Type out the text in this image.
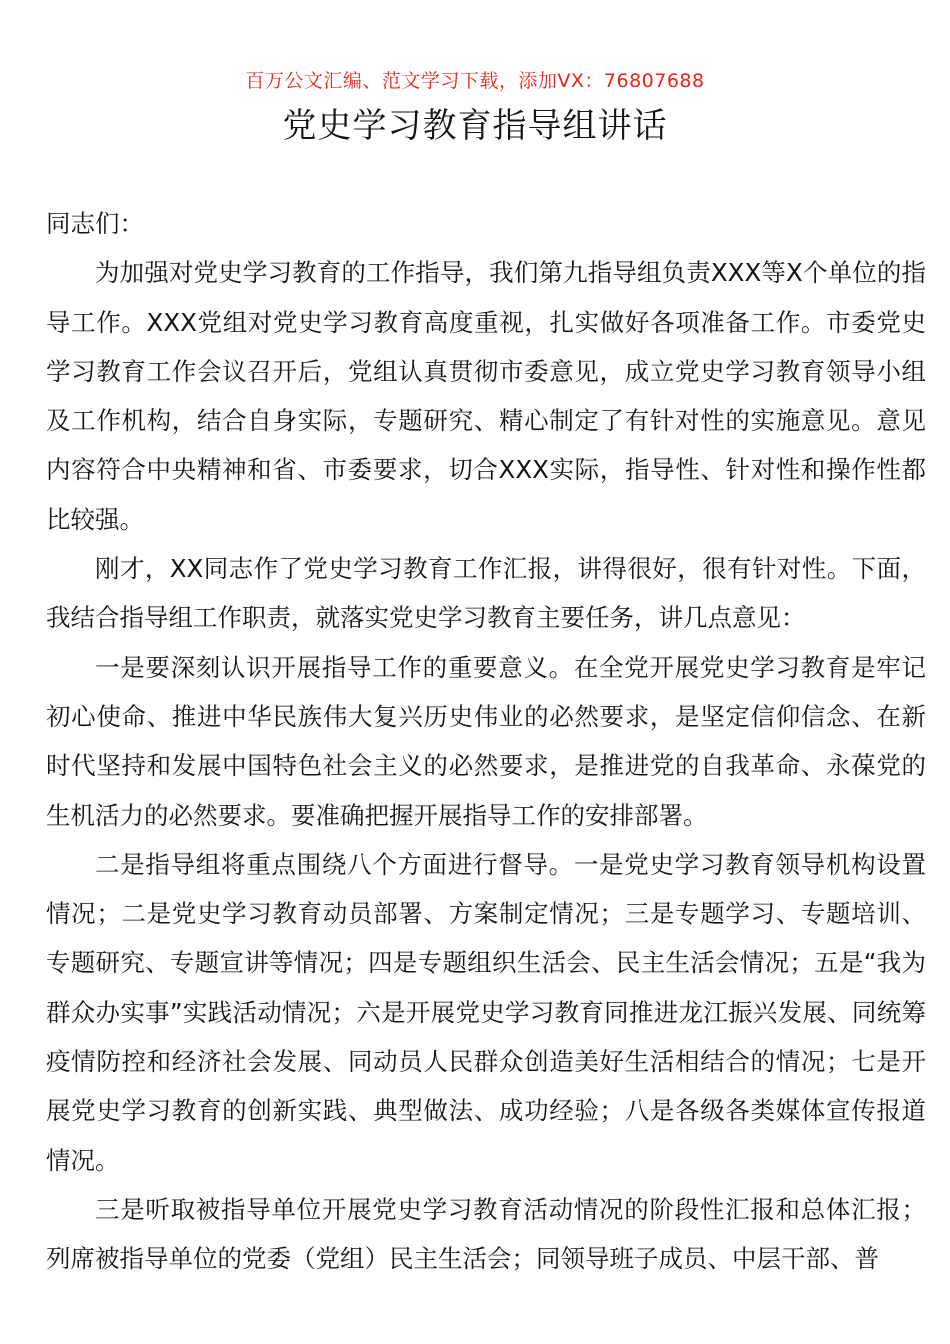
百万公文汇编、范文学习下载，添加VX：76807688
党史学习教育指导组讲话

同志们：

为加强对党史学习教育的工作指导，我们第九指导组负责XXX等X个单位的指导工作。XXX党组对党史学习教育高度重视，扎实做好各项准备工作。市委党史学习教育工作会议召开后，党组认真贯彻市委意见，成立党史学习教育领导小组及工作机构，结合自身实际，专题研究、精心制定了有针对性的实施意见。意见内容符合中央精神和省、市委要求，切合XXX实际，指导性、针对性和操作性都比较强。

刚才，XX同志作了党史学习教育工作汇报，讲得很好，很有针对性。下面，我结合指导组工作职责，就落实党史学习教育主要任务，讲几点意见：

一是要深刻认识开展指导工作的重要意义。在全党开展党史学习教育是牢记初心使命、推进中华民族伟大复兴历史伟业的必然要求，是坚定信仰信念、在新时代坚持和发展中国特色社会主义的必然要求，是推进党的自我革命、永葆党的生机活力的必然要求。要准确把握开展指导工作的安排部署。

二是指导组将重点围绕八个方面进行督导。一是党史学习教育领导机构设置情况；二是党史学习教育动员部署、方案制定情况；三是专题学习、专题培训、专题研究、专题宣讲等情况；四是专题组织生活会、民主生活会情况；五是“我为群众办实事”实践活动情况；六是开展党史学习教育同推进龙江振兴发展、同统筹疫情防控和经济社会发展、同动员人民群众创造美好生活相结合的情况；七是开展党史学习教育的创新实践、典型做法、成功经验；八是各级各类媒体宣传报道情况。

三是听取被指导单位开展党史学习教育活动情况的阶段性汇报和总体汇报；列席被指导单位的党委（党组）民主生活会；同领导班子成员、中层干部、普
